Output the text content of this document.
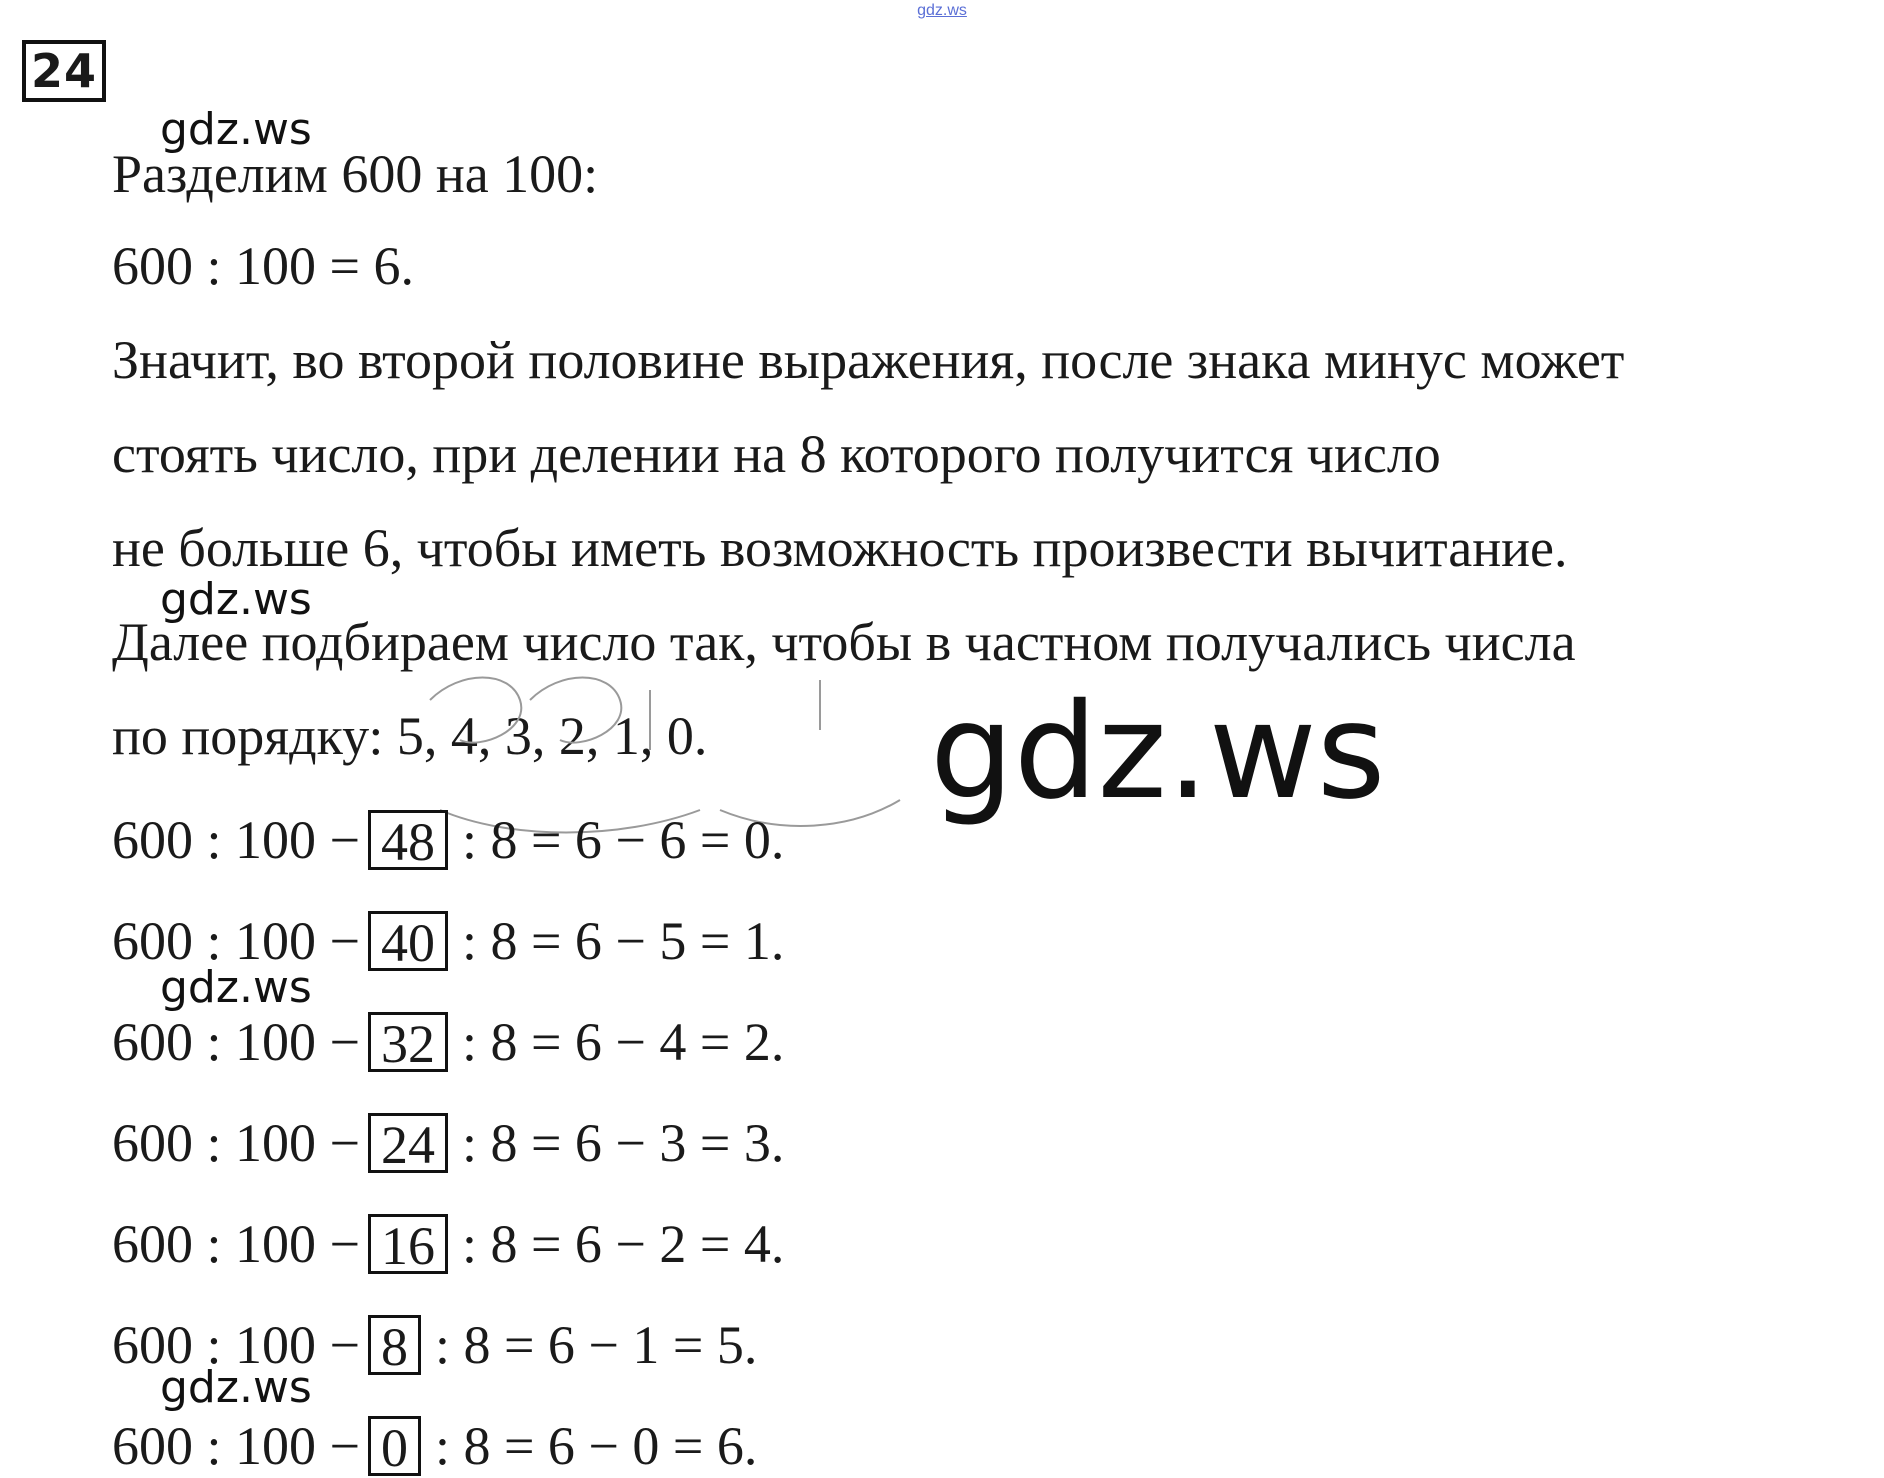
gdz.ws
24
gdz.ws
gdz.ws
gdz.ws
gdz.ws
Разделим 600 на 100:
600 : 100 = 6.
Значит, во второй половине выражения, после знака минус может
стоять число, при делении на 8 которого получится число
не больше 6, чтобы иметь возможность произвести вычитание.
Далее подбираем число так, чтобы в частном получались числа
по порядку: 5, 4, 3, 2, 1, 0. gdz.ws
600 : 100 − 48 : 8 = 6 − 6 = 0.
600 : 100 − 40 : 8 = 6 − 5 = 1.
600 : 100 − 32 : 8 = 6 − 4 = 2.
600 : 100 − 24 : 8 = 6 − 3 = 3.
600 : 100 − 16 : 8 = 6 − 2 = 4.
600 : 100 − 8 : 8 = 6 − 1 = 5.
600 : 100 − 0 : 8 = 6 − 0 = 6.
